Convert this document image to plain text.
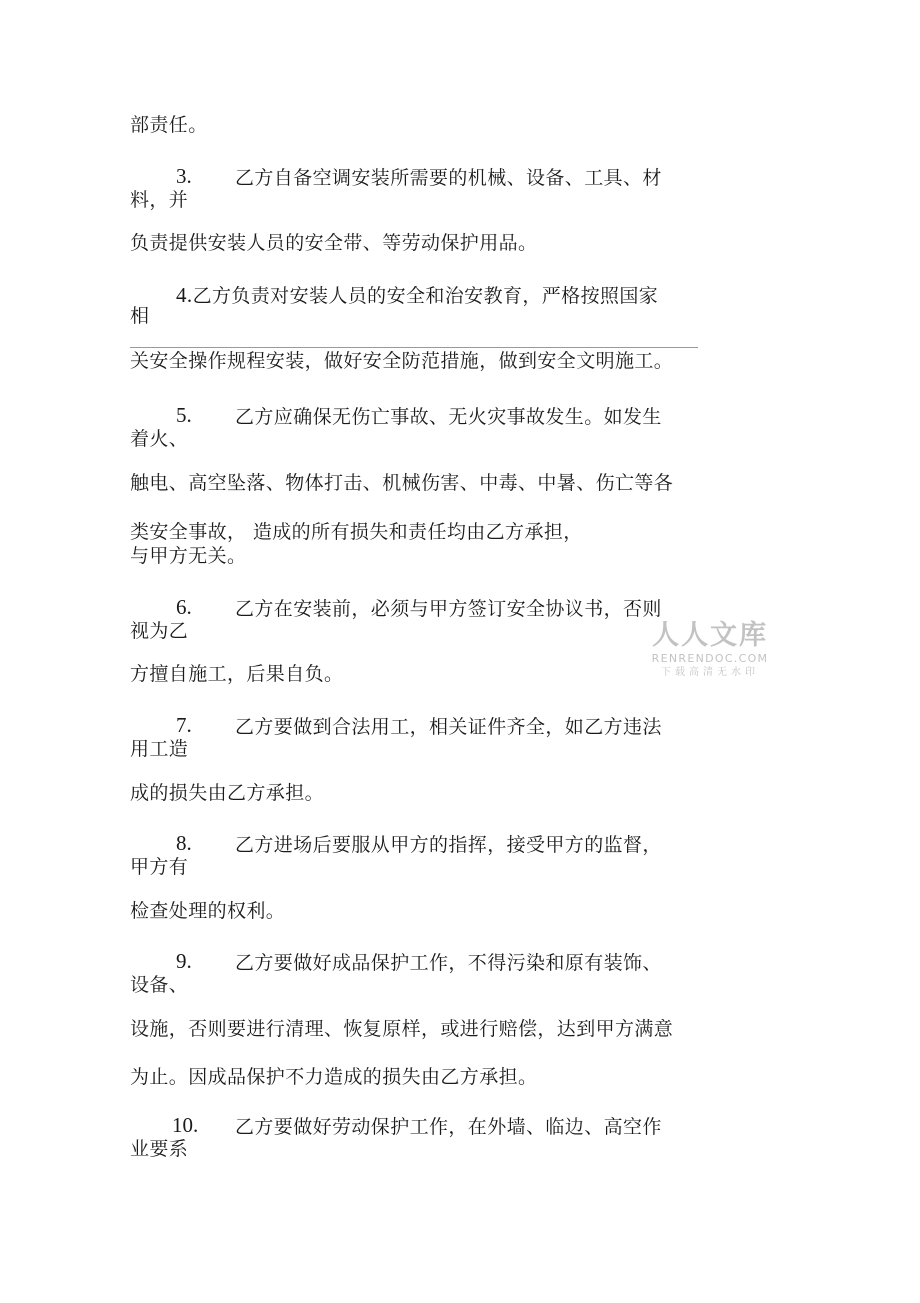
部责任。
3. 乙方自备空调安装所需要的机械、设备、工具、材
料，并
负责提供安装人员的安全带、等劳动保护用品。
4.乙方负责对安装人员的安全和治安教育，严格按照国家
相
关安全操作规程安装，做好安全防范措施，做到安全文明施工。
5. 乙方应确保无伤亡事故、无火灾事故发生。如发生
着火、
触电、高空坠落、物体打击、机械伤害、中毒、中暑、伤亡等各
类安全事故， 造成的所有损失和责任均由乙方承担，
与甲方无关。
6. 乙方在安装前，必须与甲方签订安全协议书，否则
视为乙
方擅自施工，后果自负。
7. 乙方要做到合法用工，相关证件齐全，如乙方违法
用工造
成的损失由乙方承担。
8. 乙方进场后要服从甲方的指挥，接受甲方的监督，
甲方有
检查处理的权利。
9. 乙方要做好成品保护工作，不得污染和原有装饰、
设备、
设施，否则要进行清理、恢复原样，或进行赔偿，达到甲方满意
为止。因成品保护不力造成的损失由乙方承担。
10. 乙方要做好劳动保护工作，在外墙、临边、高空作
业要系
人人文库
RENRENDOC.COM
下载高清无水印
